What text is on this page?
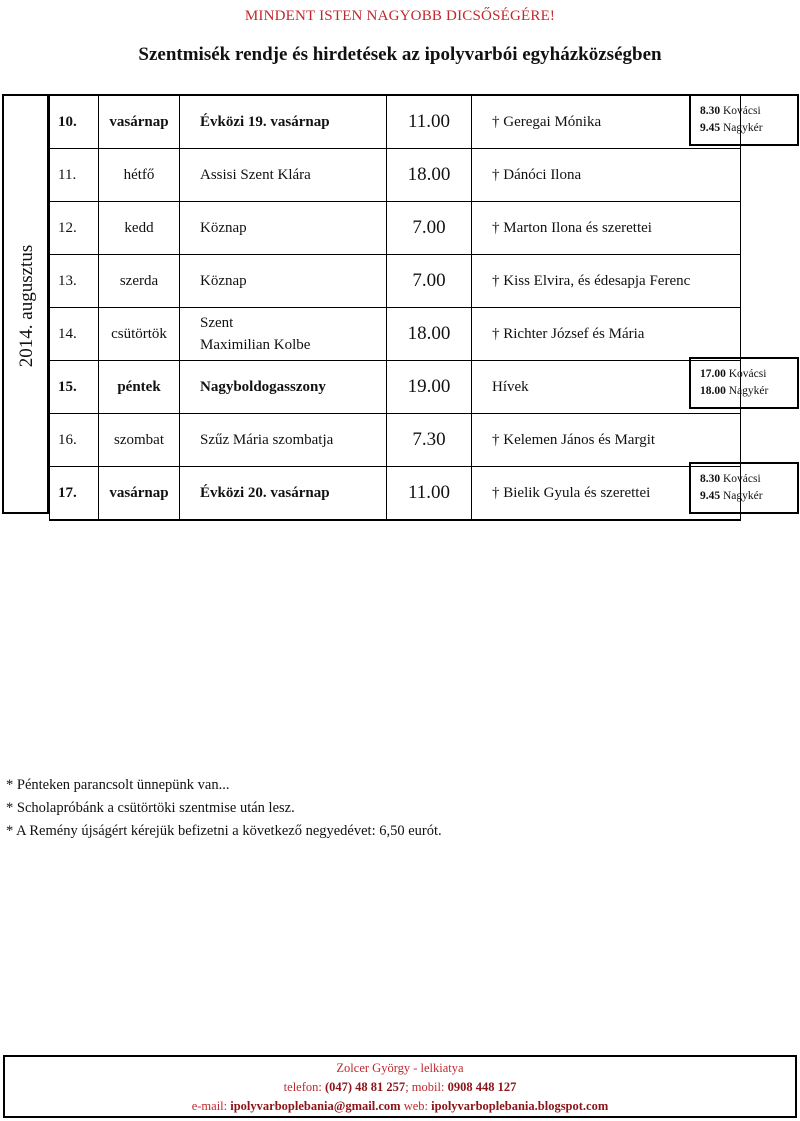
MINDENT ISTEN NAGYOBB DICSŐSÉGÉRE!
Szentmisék rendje és hirdetések az ipolyvarbói egyházközségben
2014. augusztus
10.	vasárnap	Évközi 19. vasárnap	11.00	† Geregai Mónika
11.	hétfő	Assisi Szent Klára	18.00	† Dánóci Ilona
12.	kedd	Köznap	7.00	† Marton Ilona és szerettei
13.	szerda	Köznap	7.00	† Kiss Elvira, és édesapja Ferenc
14.	csütörtök	Szent
Maximilian Kolbe	18.00	† Richter József és Mária
15.	péntek	Nagyboldogasszony	19.00	Hívek
16.	szombat	Szűz Mária szombatja	7.30	† Kelemen János és Margit
17.	vasárnap	Évközi 20. vasárnap	11.00	† Bielik Gyula és szerettei
8.30 Kovácsi
9.45 Nagykér
17.00 Kovácsi
18.00 Nagykér
8.30 Kovácsi
9.45 Nagykér
* Pénteken parancsolt ünnepünk van...
* Scholapróbánk a csütörtöki szentmise után lesz.
* A Remény újságért kérejük befizetni a következő negyedévet: 6,50 eurót.
Zolcer György - lelkiatya
telefon: (047) 48 81 257; mobil: 0908 448 127
e-mail: ipolyvarboplebania@gmail.com web: ipolyvarboplebania.blogspot.com
